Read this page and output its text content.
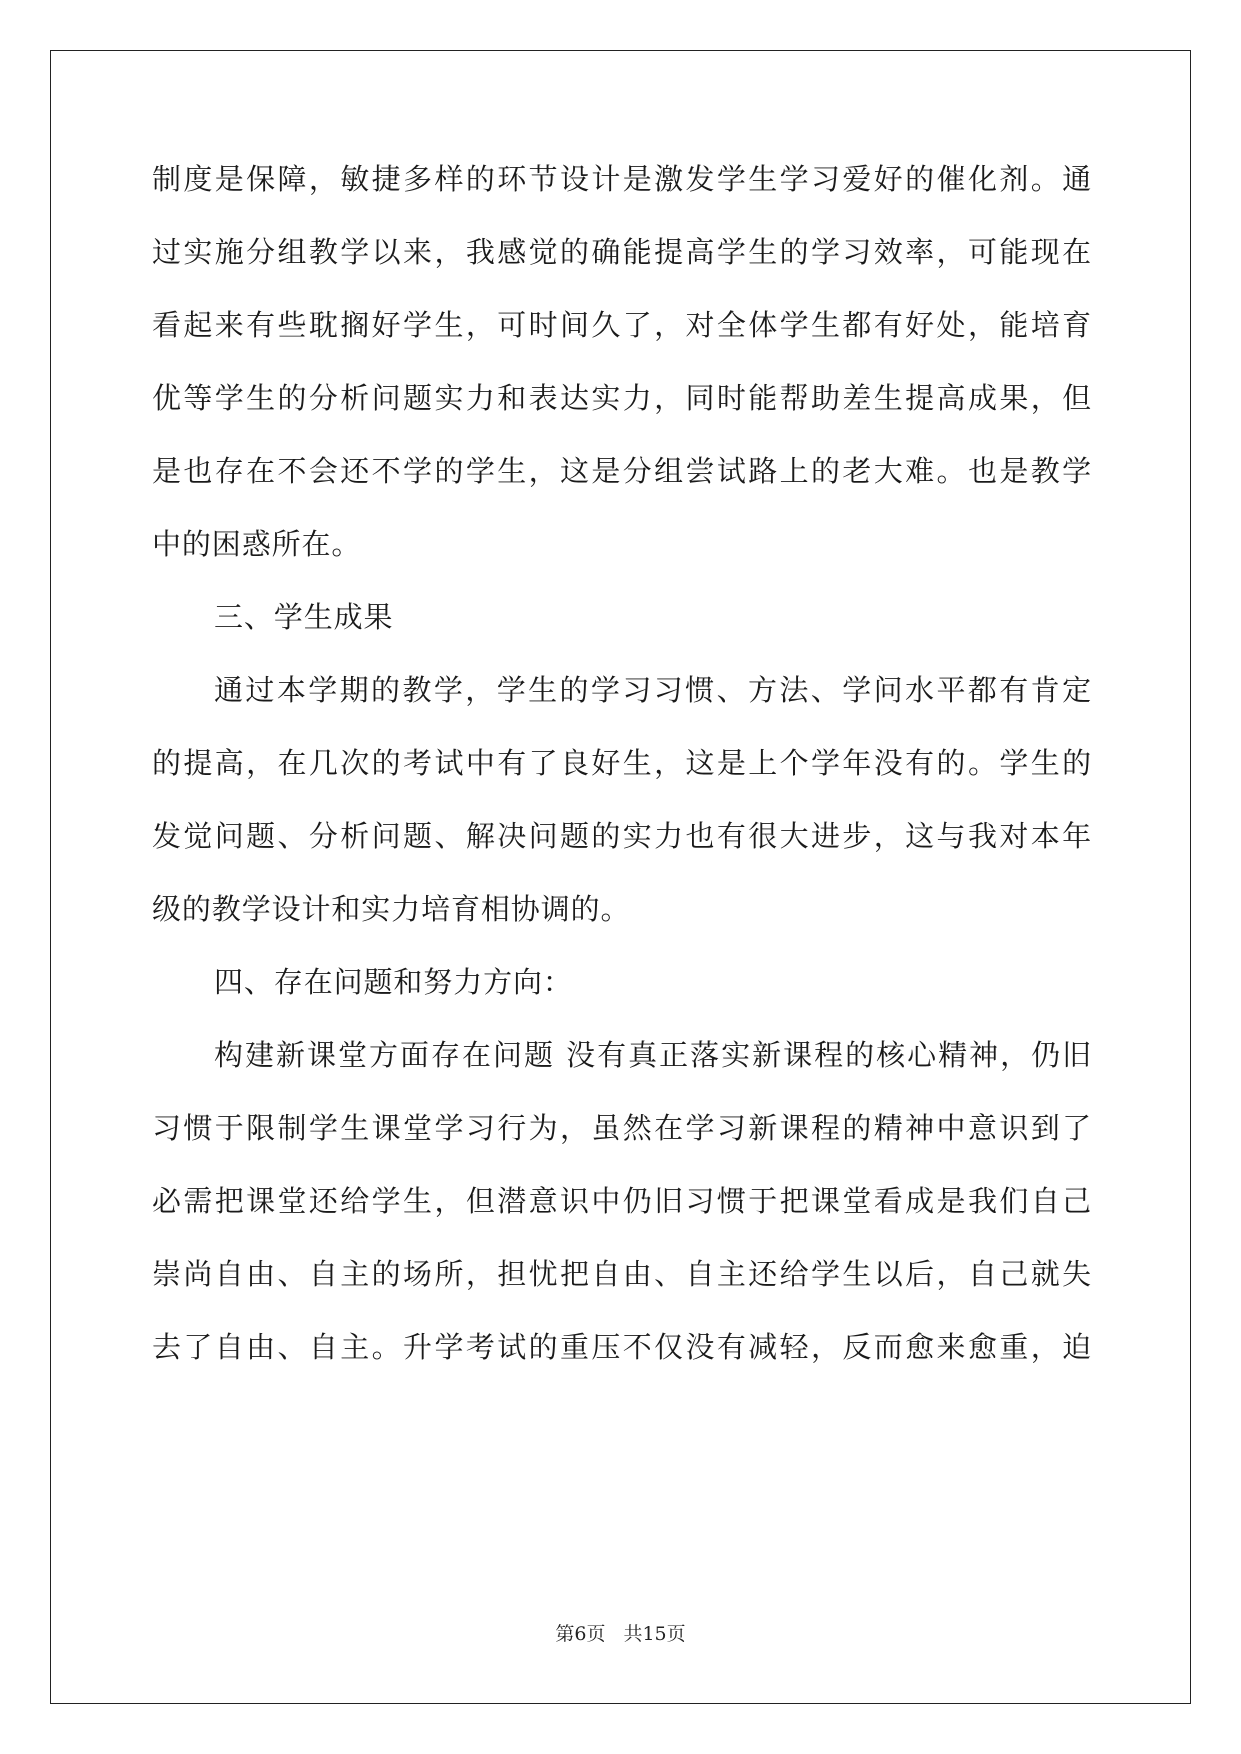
制度是保障，敏捷多样的环节设计是激发学生学习爱好的催化剂。通
过实施分组教学以来，我感觉的确能提高学生的学习效率，可能现在
看起来有些耽搁好学生，可时间久了，对全体学生都有好处，能培育
优等学生的分析问题实力和表达实力，同时能帮助差生提高成果，但
是也存在不会还不学的学生，这是分组尝试路上的老大难。也是教学
中的困惑所在。
三、学生成果
通过本学期的教学，学生的学习习惯、方法、学问水平都有肯定
的提高，在几次的考试中有了良好生，这是上个学年没有的。学生的
发觉问题、分析问题、解决问题的实力也有很大进步，这与我对本年
级的教学设计和实力培育相协调的。
四、存在问题和努力方向：
构建新课堂方面存在问题 没有真正落实新课程的核心精神，仍旧
习惯于限制学生课堂学习行为，虽然在学习新课程的精神中意识到了
必需把课堂还给学生，但潜意识中仍旧习惯于把课堂看成是我们自己
崇尚自由、自主的场所，担忧把自由、自主还给学生以后，自己就失
去了自由、自主。升学考试的重压不仅没有减轻，反而愈来愈重，迫
第6页 共15页
